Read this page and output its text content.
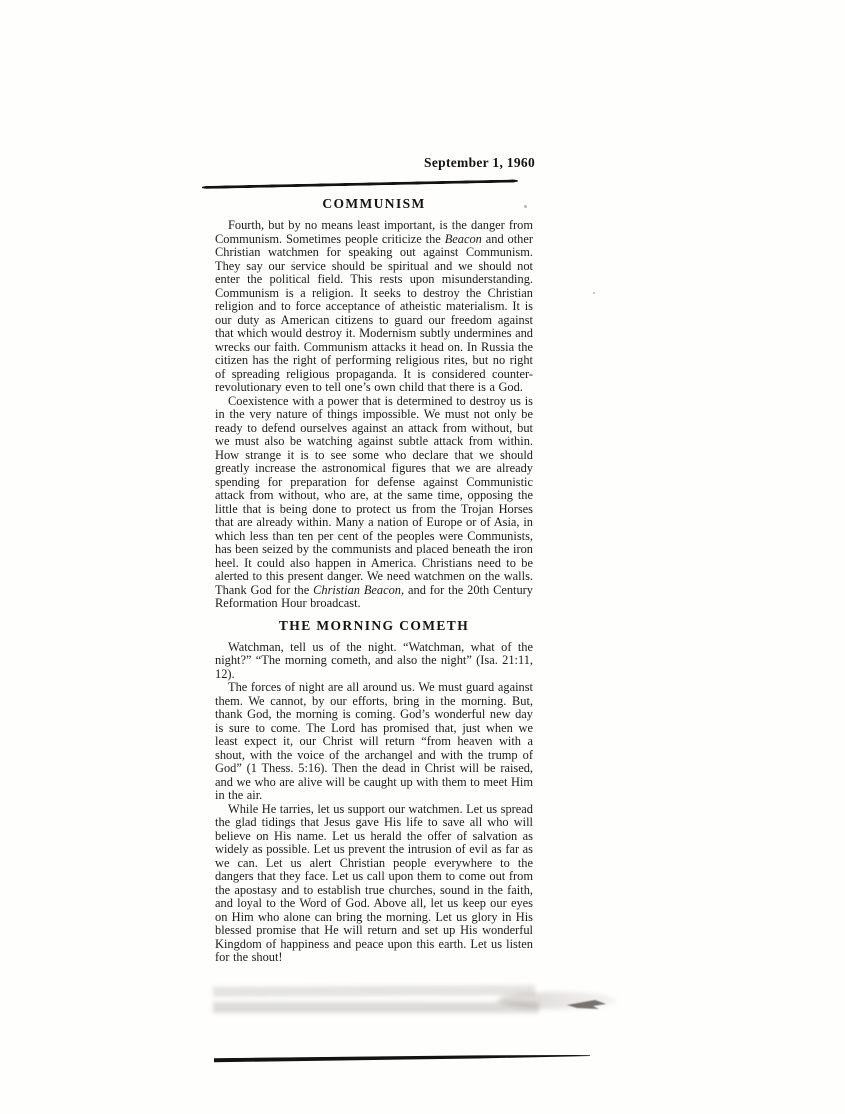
September 1, 1960
COMMUNISM

Fourth, but by no means least important, is the danger from Communism. Sometimes people criticize the Beacon and other Christian watchmen for speaking out against Communism. They say our service should be spiritual and we should not enter the political field. This rests upon misunderstanding. Communism is a religion. It seeks to destroy the Christian religion and to force acceptance of atheistic materialism. It is our duty as American citizens to guard our freedom against that which would destroy it. Modernism subtly undermines and wrecks our faith. Communism attacks it head on. In Russia the citizen has the right of performing religious rites, but no right of spreading religious propaganda. It is considered counter-revolutionary even to tell one’s own child that there is a God.

Coexistence with a power that is determined to destroy us is in the very nature of things impossible. We must not only be ready to defend ourselves against an attack from without, but we must also be watching against subtle attack from within. How strange it is to see some who declare that we should greatly increase the astronomical figures that we are already spending for preparation for defense against Communistic attack from without, who are, at the same time, opposing the little that is being done to protect us from the Trojan Horses that are already within. Many a nation of Europe or of Asia, in which less than ten per cent of the peoples were Communists, has been seized by the communists and placed beneath the iron heel. It could also happen in America. Christians need to be alerted to this present danger. We need watchmen on the walls. Thank God for the Christian Beacon, and for the 20th Century Reformation Hour broadcast.

THE MORNING COMETH

Watchman, tell us of the night. “Watchman, what of the night?” “The morning cometh, and also the night” (Isa. 21:11, 12).

The forces of night are all around us. We must guard against them. We cannot, by our efforts, bring in the morning. But, thank God, the morning is coming. God’s wonderful new day is sure to come. The Lord has promised that, just when we least expect it, our Christ will return “from heaven with a shout, with the voice of the archangel and with the trump of God” (1 Thess. 5:16). Then the dead in Christ will be raised, and we who are alive will be caught up with them to meet Him in the air.

While He tarries, let us support our watchmen. Let us spread the glad tidings that Jesus gave His life to save all who will believe on His name. Let us herald the offer of salvation as widely as possible. Let us prevent the intrusion of evil as far as we can. Let us alert Christian people everywhere to the dangers that they face. Let us call upon them to come out from the apostasy and to establish true churches, sound in the faith, and loyal to the Word of God. Above all, let us keep our eyes on Him who alone can bring the morning. Let us glory in His blessed promise that He will return and set up His wonderful Kingdom of happiness and peace upon this earth. Let us listen for the shout!
